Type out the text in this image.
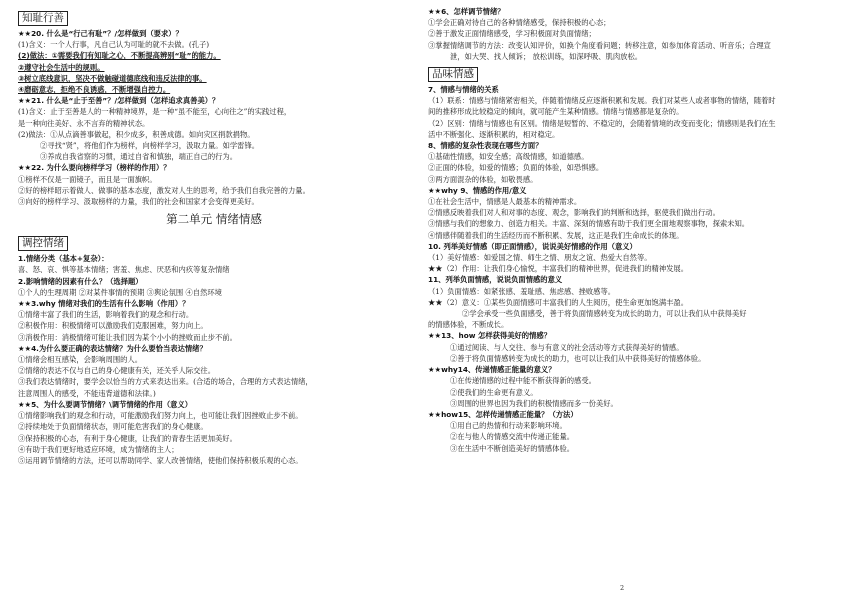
知耻行善
★★20. 什么是“行己有耻”？/怎样做到（要求）？
(1)含义：一个人行事，凡自己认为可耻的就不去做。(孔子)
(2)做法：①需要我们有知耻之心，不断提高辨别“耻”的能力。
②遵守社会生活中的规则。
③树立底线意识，坚决不做触碰道德底线和违反法律的事。
④磨砺意志，拒绝不良诱惑，不断增强自控力。
★★21. 什么是“止于至善”？/怎样做到（怎样追求真善美）？
(1)含义：止于至善是人的一种精神境界，是一种“虽不能至，心向往之”的实践过程，
是一种向往美好、永不言弃的精神状态。
(2)做法：①从点滴善事做起，积少成多，积善成德。如向灾区捐款捐物。
②寻找“贤”，将他们作为榜样，向榜样学习，汲取力量。如学雷锋。
③养成自我省察的习惯，通过自省和慎独，端正自己的行为。
★★22. 为什么要向榜样学习（榜样的作用）？
①榜样不仅是一面镜子，而且是一面旗帜。
②好的榜样昭示着做人、做事的基本态度，激发对人生的思考，给予我们自我完善的力量。
③向好的榜样学习、汲取榜样的力量，我们的社会和国家才会变得更美好。
第二单元 情绪情感
调控情绪
1.情绪分类（基本+复杂）：
喜、怒、哀、惧等基本情绪；害羞、焦虑、厌恶和内疚等复杂情绪
2.影响情绪的因素有什么？（选择题）
①个人的生理周期 ②对某件事情的预期 ③舆论氛围 ④自然环境
★★3.why 情绪对我们的生活有什么影响（作用）？
①情绪丰富了我们的生活，影响着我们的观念和行动。
②积极作用：积极情绪可以激励我们克服困难，努力向上。
③消极作用：消极情绪可能让我们因为某个小小的挫败而止步不前。
★★4.为什么要正确的表达情绪？为什么要恰当表达情绪？
①情绪会相互感染，会影响周围的人。
②情绪的表达不仅与自己的身心健康有关，还关乎人际交往。
③我们表达情绪时，要学会以恰当的方式来表达出来。(合适的场合，合理的方式表达情绪，
注意周围人的感受，不能违背道德和法律。)
★★5、为什么要调节情绪？\调节情绪的作用（意义）
①情绪影响我们的观念和行动，可能激励我们努力向上，也可能让我们因挫败止步不前。
②持续地处于负面情绪状态，则可能危害我们的身心健康。
③保持积极的心态，有利于身心健康，让我们的青春生活更加美好。
④有助于我们更好地适应环境，成为情绪的主人；
⑤运用调节情绪的方法，还可以帮助同学、家人改善情绪，使他们保持积极乐观的心态。
★★6、怎样调节情绪？
①学会正确对待自己的各种情绪感受，保持积极的心态；
②善于激发正面情绪感受，学习积极面对负面情绪；
③掌握情绪调节的方法：改变认知评价，如换个角度看问题；转移注意，如参加体育活动、听音乐；合理宣
泄，如大哭、找人倾诉； 放松训练，如深呼吸、肌肉放松。
品味情感
7、情感与情绪的关系
（1）联系：情感与情绪紧密相关，伴随着情绪反应逐渐积累和发展。我们对某些人或者事物的情绪，随着时
间的推移形成比较稳定的倾向，就可能产生某种情感。情绪与情感都是复杂的。
（2）区别：情绪与情感也有区别。情绪是短暂的、不稳定的，会随着情境的改变而变化；情感则是我们在生
活中不断强化、逐渐积累的，相对稳定。
8、情感的复杂性表现在哪些方面？
①基础性情感，如安全感；高级情感，如道德感。
②正面的体验，如爱的情感；负面的体验，如恐惧感。
③两方面混杂的体验，如敬畏感。
★★why 9、情感的作用/意义
①在社会生活中，情感是人最基本的精神需求。
②情感反映着我们对人和对事的态度、观念，影响我们的判断和选择，驱使我们做出行动。
③情感与我们的想象力、创造力相关。丰富、深刻的情感有助于我们更全面地观察事物，探索未知。
④情感伴随着我们的生活经历而不断积累、发展，这正是我们生命成长的体现。
10. 列举美好情感（即正面情感），说说美好情感的作用（意义）
（1）美好情感：如爱国之情、师生之情、朋友之谊、热爱大自然等。
★★（2）作用：让我们身心愉悦，丰富我们的精神世界，促进我们的精神发展。
11、列举负面情感，说说负面情感的意义
（1）负面情感：如紧张感、羞耻感、焦虑感、挫败感等。
★★（2）意义：①某些负面情感可丰富我们的人生阅历，使生命更加饱满丰盈。
②学会承受一些负面感受，善于将负面情感转变为成长的助力，可以让我们从中获得美好
的情感体验，不断成长。
★★13、how 怎样获得美好的情感？
①通过阅读、与人交往、参与有意义的社会活动等方式获得美好的情感。
②善于将负面情感转变为成长的助力，也可以让我们从中获得美好的情感体验。
★★why14、传递情感正能量的意义？
①在传递情感的过程中能不断获得新的感受。
②使我们的生命更有意义。
③周围的世界也因为我们的积极情感而多一份美好。
★★how15、怎样传递情感正能量？（方法）
①用自己的热情和行动来影响环境。
②在与他人的情感交流中传递正能量。
③在生活中不断创造美好的情感体验。
2
